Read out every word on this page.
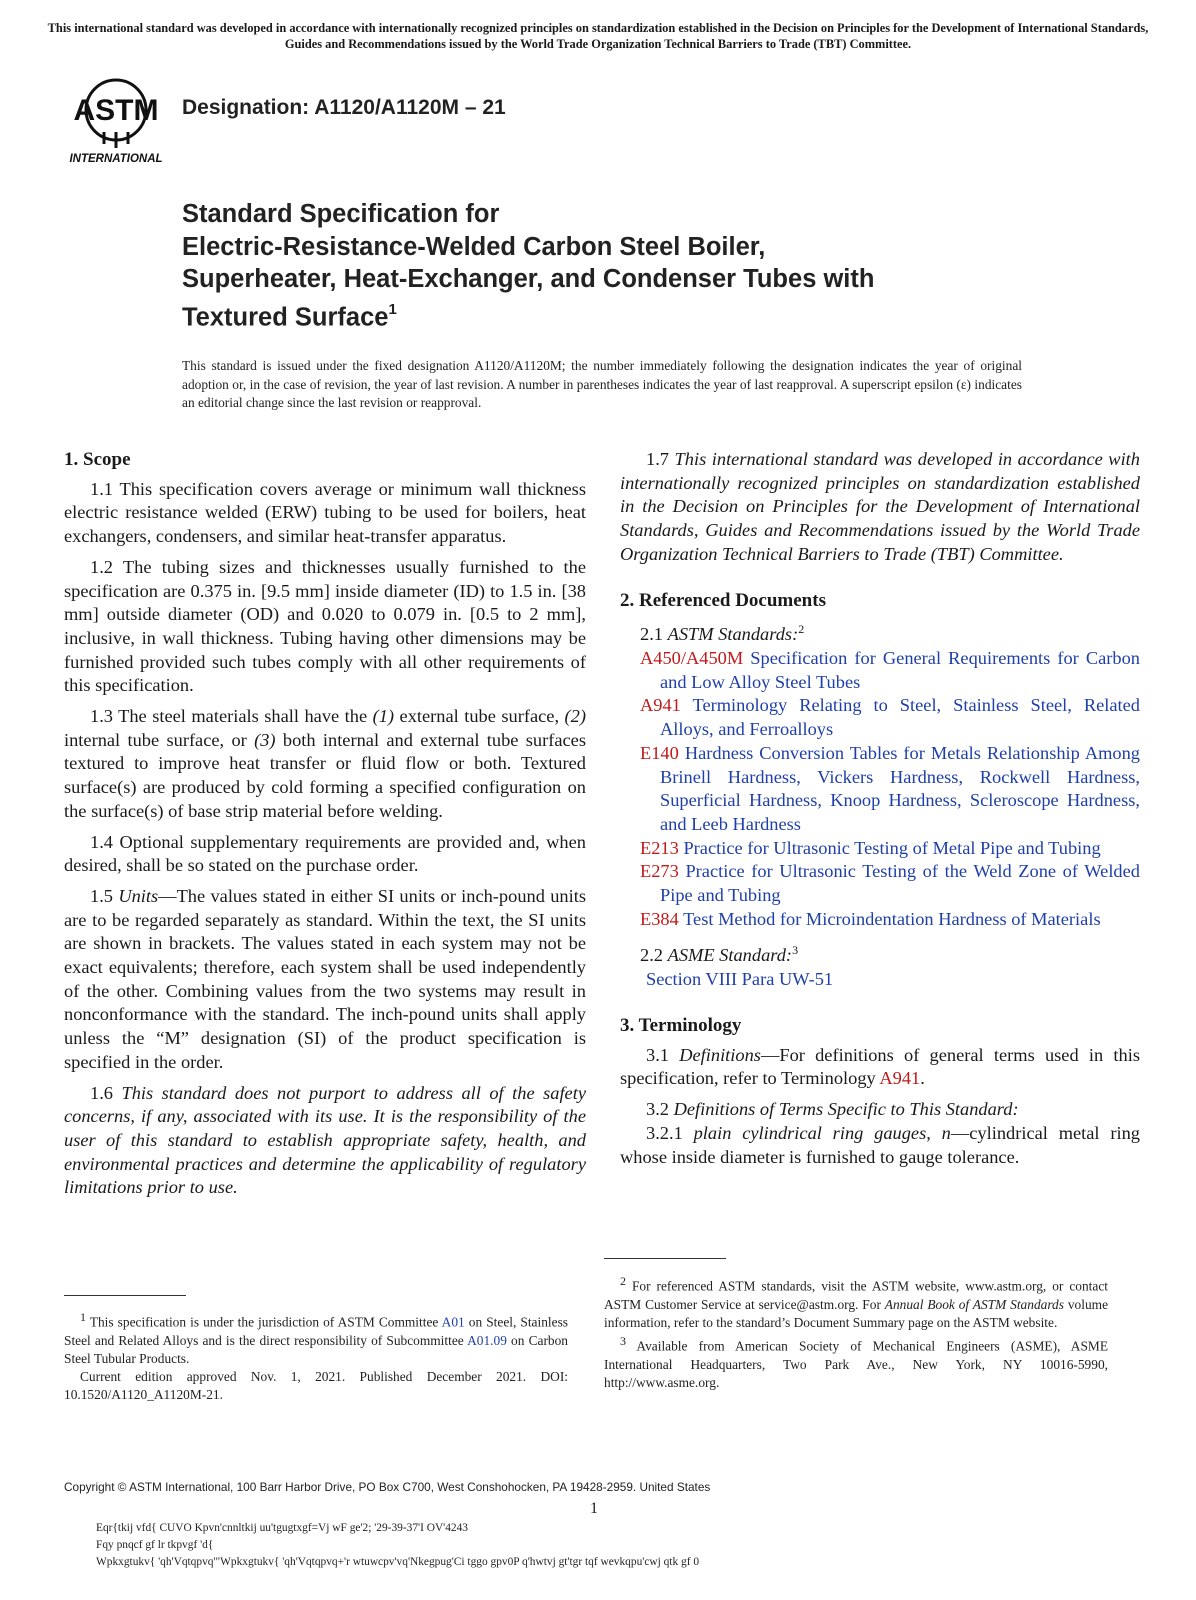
This international standard was developed in accordance with internationally recognized principles on standardization established in the Decision on Principles for the Development of International Standards, Guides and Recommendations issued by the World Trade Organization Technical Barriers to Trade (TBT) Committee.
ASTM
INTERNATIONAL
Designation: A1120/A1120M – 21
Standard Specification for
Electric-Resistance-Welded Carbon Steel Boiler,
Superheater, Heat-Exchanger, and Condenser Tubes with
Textured Surface$^1$
This standard is issued under the fixed designation A1120/A1120M; the number immediately following the designation indicates the year of original adoption or, in the case of revision, the year of last revision. A number in parentheses indicates the year of last reapproval. A superscript epsilon (ε) indicates an editorial change since the last revision or reapproval.
1. Scope

1.1 This specification covers average or minimum wall thickness electric resistance welded (ERW) tubing to be used for boilers, heat exchangers, condensers, and similar heat-transfer apparatus.

1.2 The tubing sizes and thicknesses usually furnished to the specification are 0.375 in. [9.5 mm] inside diameter (ID) to 1.5 in. [38 mm] outside diameter (OD) and 0.020 to 0.079 in. [0.5 to 2 mm], inclusive, in wall thickness. Tubing having other dimensions may be furnished provided such tubes comply with all other requirements of this specification.

1.3 The steel materials shall have the (1) external tube surface, (2) internal tube surface, or (3) both internal and external tube surfaces textured to improve heat transfer or fluid flow or both. Textured surface(s) are produced by cold forming a specified configuration on the surface(s) of base strip material before welding.

1.4 Optional supplementary requirements are provided and, when desired, shall be so stated on the purchase order.

1.5 Units—The values stated in either SI units or inch-pound units are to be regarded separately as standard. Within the text, the SI units are shown in brackets. The values stated in each system may not be exact equivalents; therefore, each system shall be used independently of the other. Combining values from the two systems may result in nonconformance with the standard. The inch-pound units shall apply unless the “M” designation (SI) of the product specification is specified in the order.

1.6 This standard does not purport to address all of the safety concerns, if any, associated with its use. It is the responsibility of the user of this standard to establish appropriate safety, health, and environmental practices and determine the applicability of regulatory limitations prior to use.

1.7 This international standard was developed in accordance with internationally recognized principles on standardization established in the Decision on Principles for the Development of International Standards, Guides and Recommendations issued by the World Trade Organization Technical Barriers to Trade (TBT) Committee.

2. Referenced Documents
2.1 ASTM Standards:$^2$
A450/A450M Specification for General Requirements for Carbon and Low Alloy Steel Tubes
A941 Terminology Relating to Steel, Stainless Steel, Related Alloys, and Ferroalloys
E140 Hardness Conversion Tables for Metals Relationship Among Brinell Hardness, Vickers Hardness, Rockwell Hardness, Superficial Hardness, Knoop Hardness, Scleroscope Hardness, and Leeb Hardness
E213 Practice for Ultrasonic Testing of Metal Pipe and Tubing
E273 Practice for Ultrasonic Testing of the Weld Zone of Welded Pipe and Tubing
E384 Test Method for Microindentation Hardness of Materials
2.2 ASME Standard:$^3$
Section VIII Para UW-51
3. Terminology

3.1 Definitions—For definitions of general terms used in this specification, refer to Terminology A941.

3.2 Definitions of Terms Specific to This Standard:

3.2.1 plain cylindrical ring gauges, n—cylindrical metal ring whose inside diameter is furnished to gauge tolerance.

$^1$ This specification is under the jurisdiction of ASTM Committee A01 on Steel, Stainless Steel and Related Alloys and is the direct responsibility of Subcommittee A01.09 on Carbon Steel Tubular Products.

Current edition approved Nov. 1, 2021. Published December 2021. DOI: 10.1520/A1120_A1120M-21.

$^2$ For referenced ASTM standards, visit the ASTM website, www.astm.org, or contact ASTM Customer Service at service@astm.org. For Annual Book of ASTM Standards volume information, refer to the standard’s Document Summary page on the ASTM website.

$^3$ Available from American Society of Mechanical Engineers (ASME), ASME International Headquarters, Two Park Ave., New York, NY 10016-5990, http://www.asme.org.

Copyright © ASTM International, 100 Barr Harbor Drive, PO Box C700, West Conshohocken, PA 19428-2959. United States
1
Eqr{tkij vfd{ CUVO Kpvn'cnnltkij uu'tgugtxgf=Vj wF ge'2; '29-39-37'I OV'4243
Fqy pnqcf gf lr tkpvgf 'd{
Wpkxgtukv{ 'qh'Vqtqpvq'"Wpkxgtukv{ 'qh'Vqtqpvq+'r wtuwcpv'vq'Nkegpug'Ci tggo gpv0P q'hwtvj gt'tgr tqf wevkqpu'cwj qtk gf 0
